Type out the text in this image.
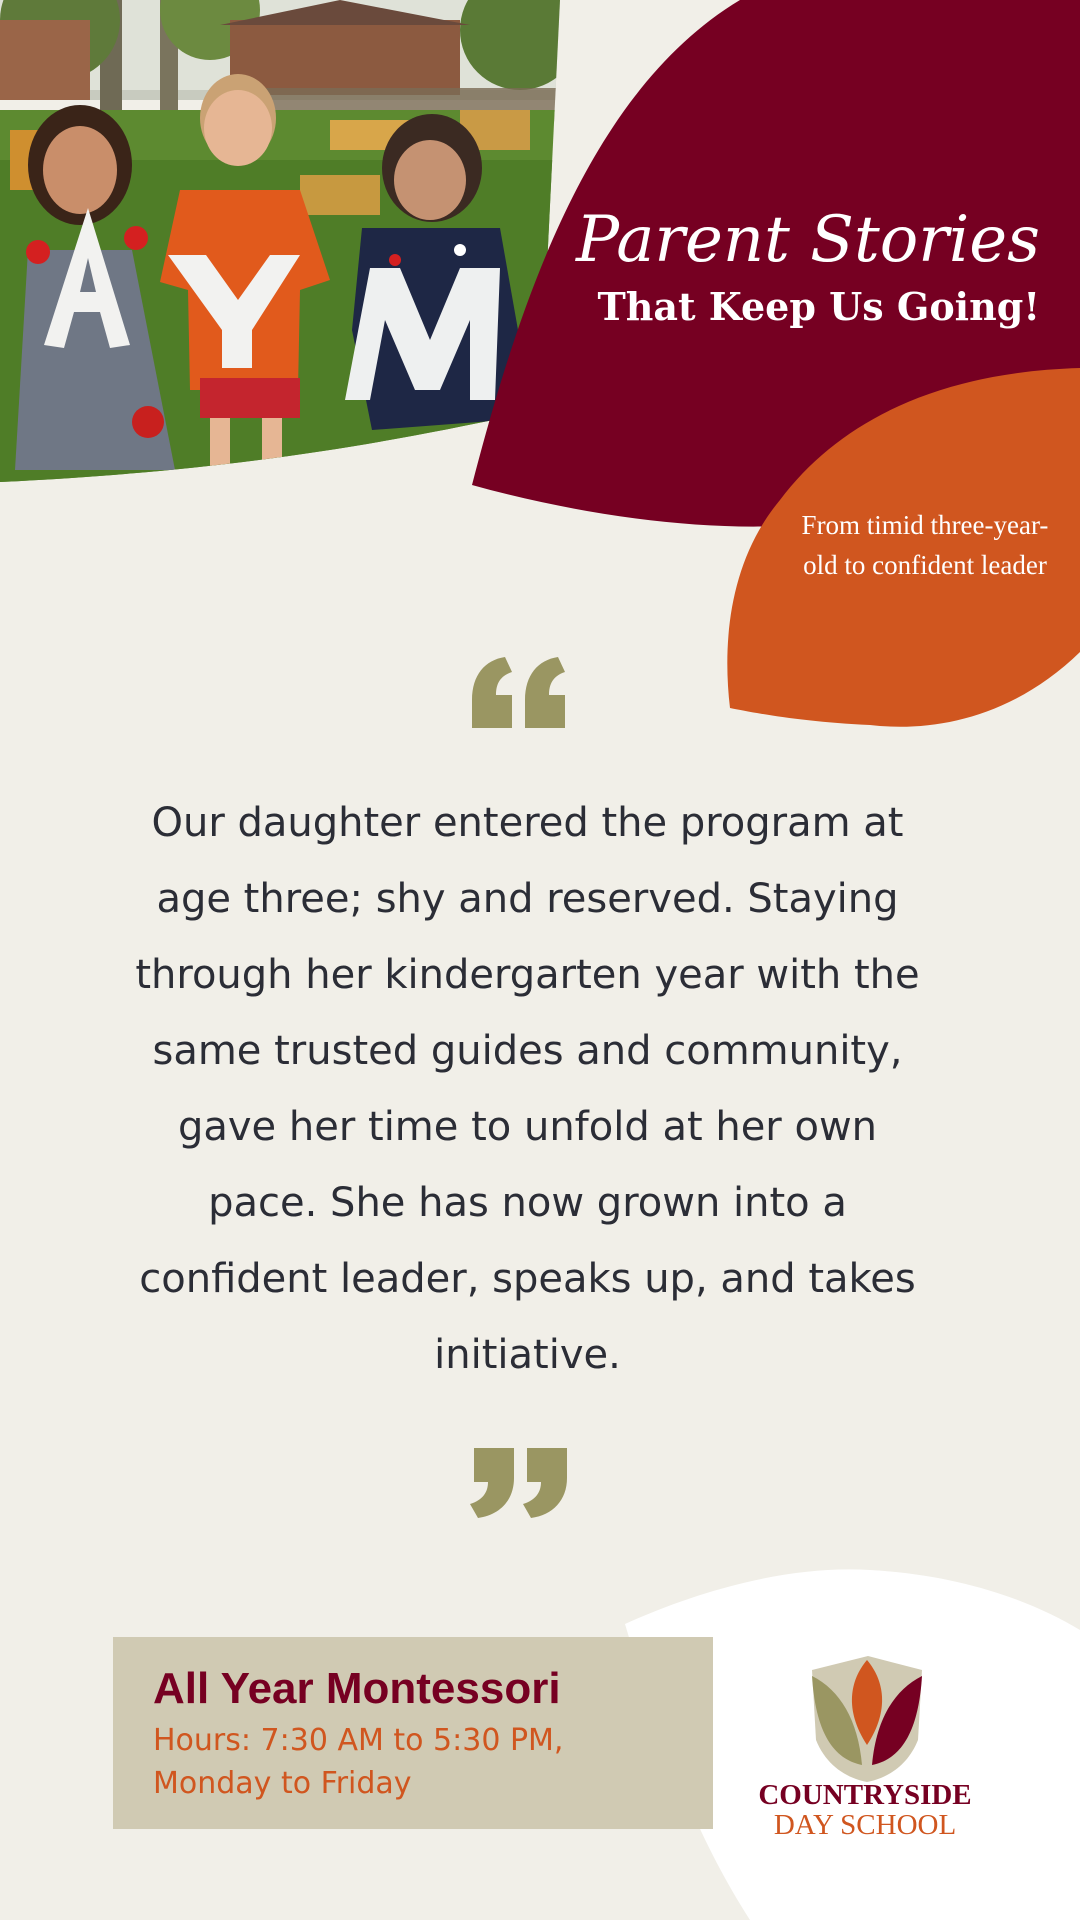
Parent Stories
That Keep Us Going!
From timid three-year-old to confident leader
Our daughter entered the program at age three; shy and reserved. Staying through her kindergarten year with the same trusted guides and community, gave her time to unfold at her own pace. She has now grown into a confident leader, speaks up, and takes initiative.
All Year Montessori
Hours: 7:30 AM to 5:30 PM,
Monday to Friday	COUNTRYSIDE
DAY SCHOOL
